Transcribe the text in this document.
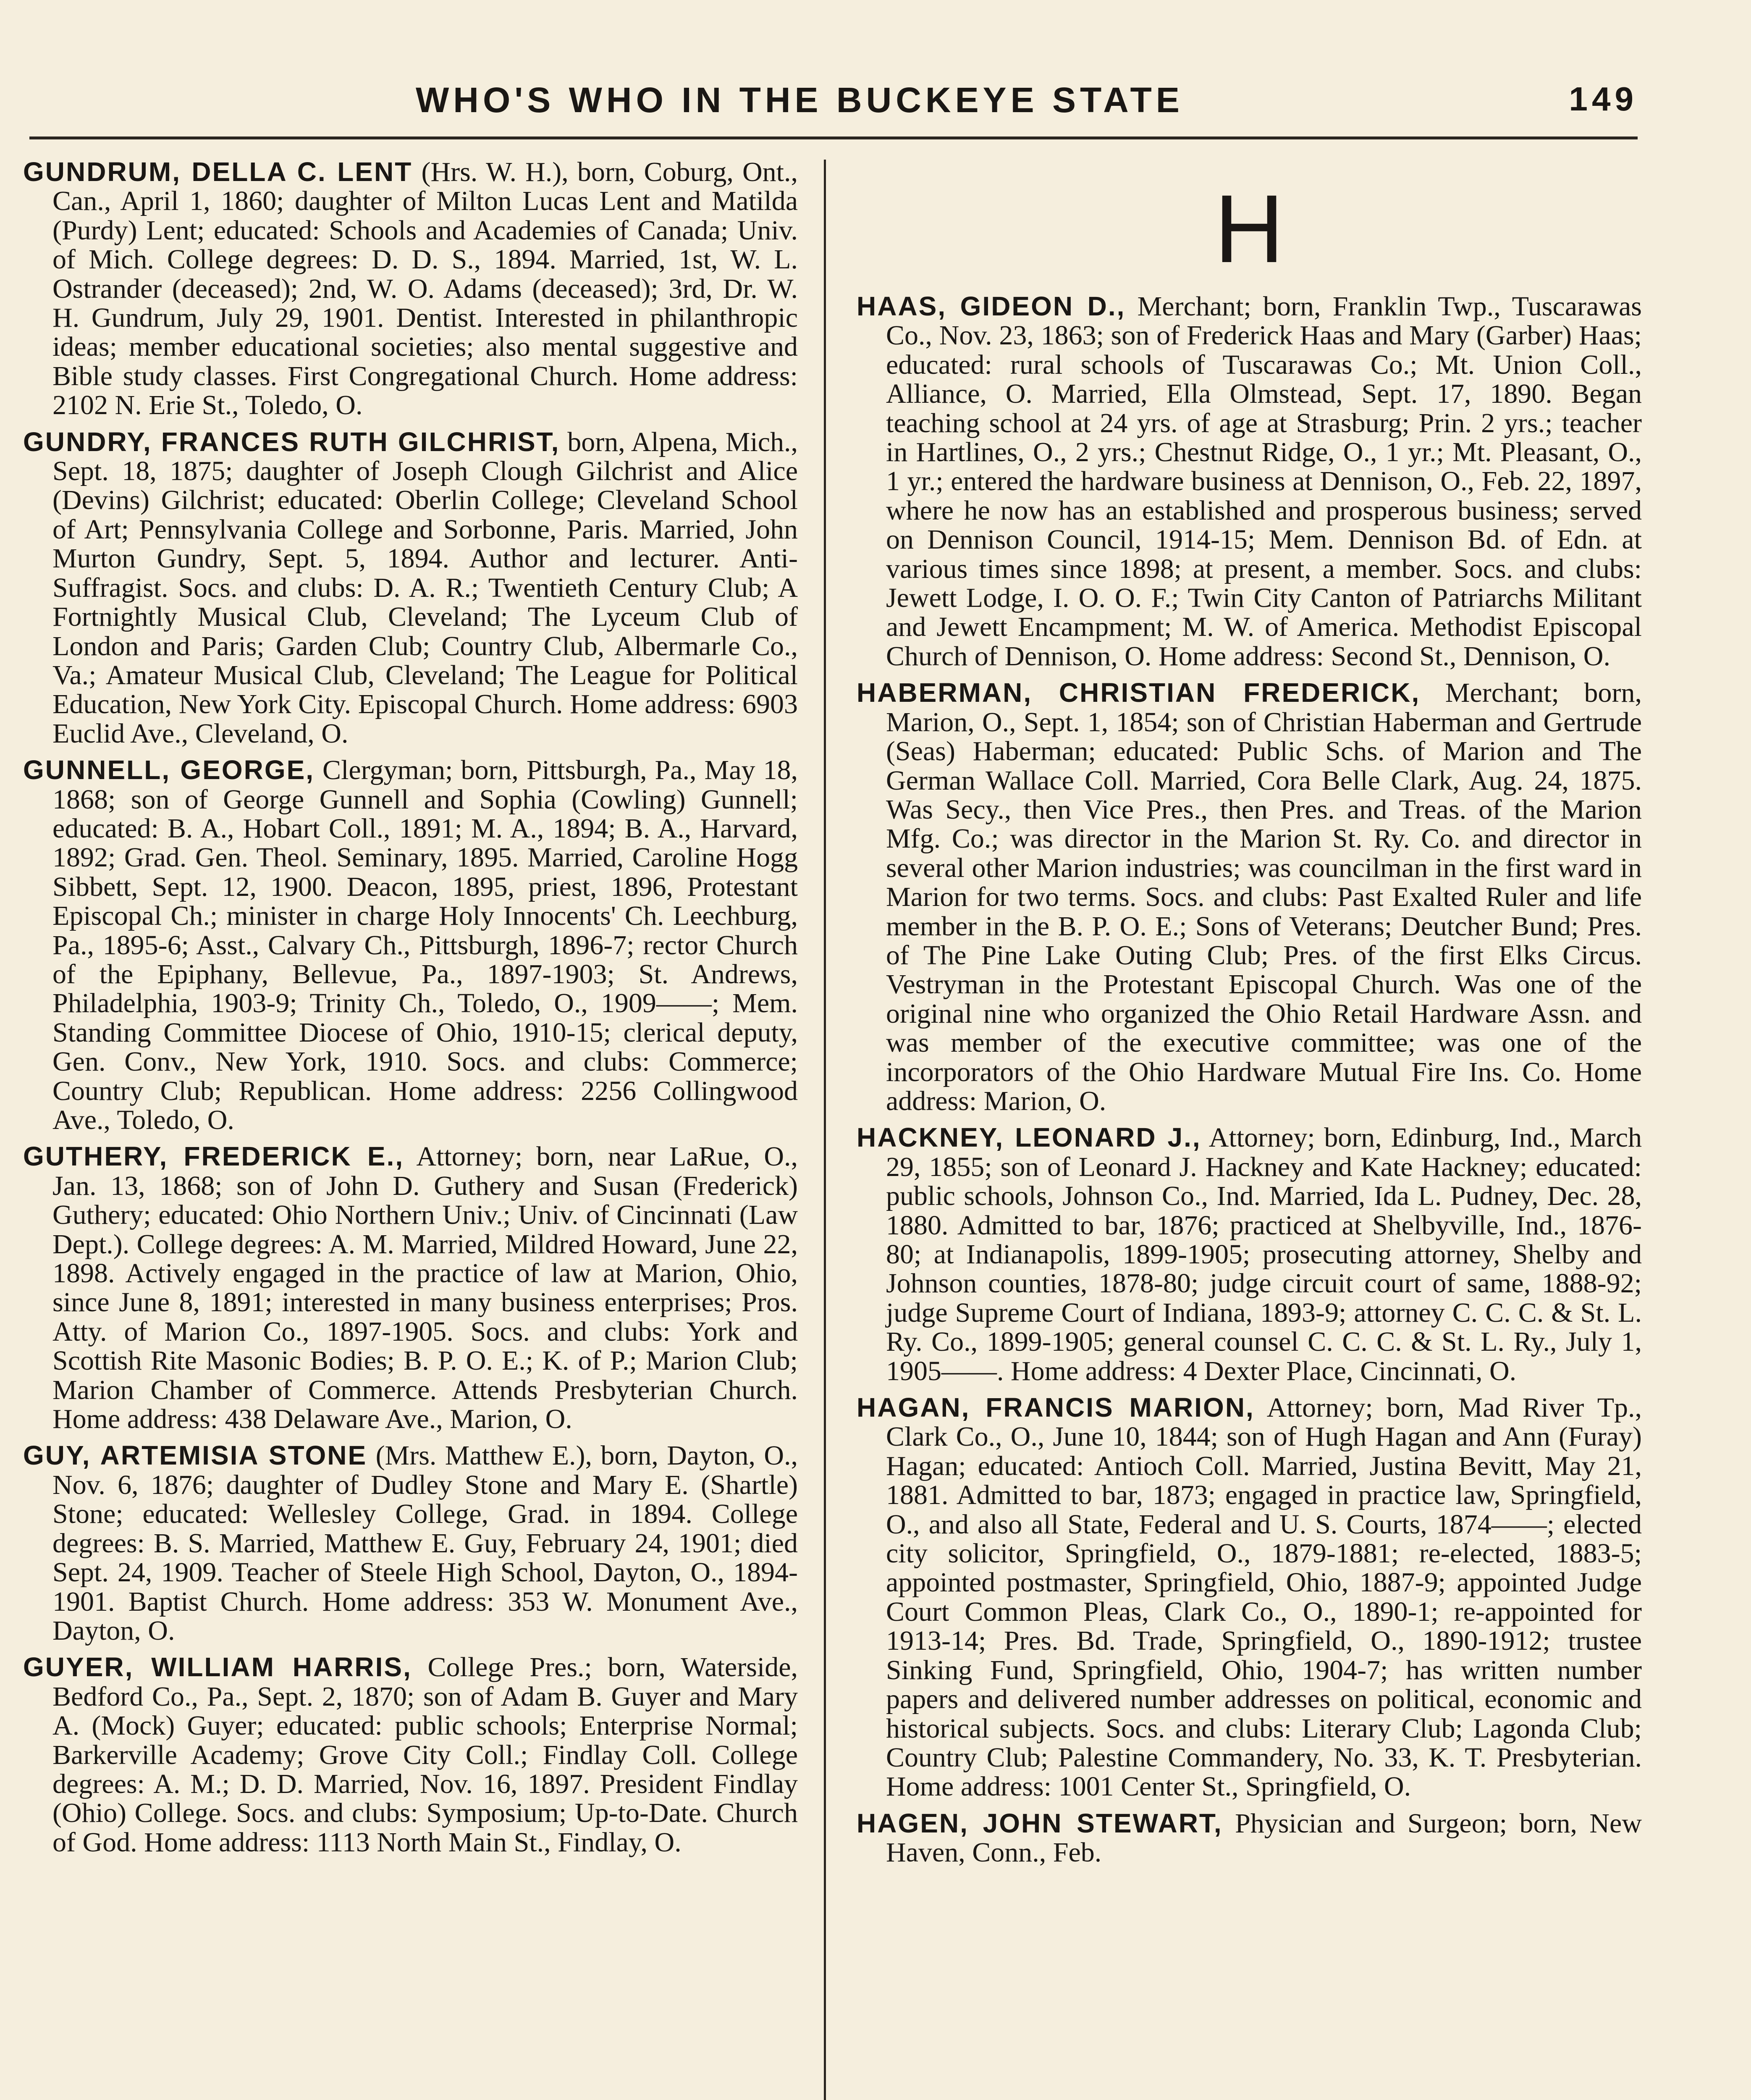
WHO'S WHO IN THE BUCKEYE STATE	149

GUNDRUM, DELLA C. LENT (Hrs. W. H.), born, Coburg, Ont., Can., April 1, 1860; daughter of Milton Lucas Lent and Matilda (Purdy) Lent; educated: Schools and Academies of Canada; Univ. of Mich. College degrees: D. D. S., 1894. Married, 1st, W. L. Ostrander (deceased); 2nd, W. O. Adams (deceased); 3rd, Dr. W. H. Gundrum, July 29, 1901. Dentist. Interested in philanthropic ideas; member educational societies; also mental suggestive and Bible study classes. First Congregational Church. Home address: 2102 N. Erie St., Toledo, O.

GUNDRY, FRANCES RUTH GILCHRIST, born, Alpena, Mich., Sept. 18, 1875; daughter of Joseph Clough Gilchrist and Alice (Devins) Gilchrist; educated: Oberlin College; Cleveland School of Art; Pennsylvania College and Sorbonne, Paris. Married, John Murton Gundry, Sept. 5, 1894. Author and lecturer. Anti-Suffragist. Socs. and clubs: D. A. R.; Twentieth Century Club; A Fortnightly Musical Club, Cleveland; The Lyceum Club of London and Paris; Garden Club; Country Club, Albermarle Co., Va.; Amateur Musical Club, Cleveland; The League for Political Education, New York City. Episcopal Church. Home address: 6903 Euclid Ave., Cleveland, O.

GUNNELL, GEORGE, Clergyman; born, Pittsburgh, Pa., May 18, 1868; son of George Gunnell and Sophia (Cowling) Gunnell; educated: B. A., Hobart Coll., 1891; M. A., 1894; B. A., Harvard, 1892; Grad. Gen. Theol. Seminary, 1895. Married, Caroline Hogg Sibbett, Sept. 12, 1900. Deacon, 1895, priest, 1896, Protestant Episcopal Ch.; minister in charge Holy Innocents' Ch. Leechburg, Pa., 1895-6; Asst., Calvary Ch., Pittsburgh, 1896-7; rector Church of the Epiphany, Bellevue, Pa., 1897-1903; St. Andrews, Philadelphia, 1903-9; Trinity Ch., Toledo, O., 1909——; Mem. Standing Committee Diocese of Ohio, 1910-15; clerical deputy, Gen. Conv., New York, 1910. Socs. and clubs: Commerce; Country Club; Republican. Home address: 2256 Collingwood Ave., Toledo, O.

GUTHERY, FREDERICK E., Attorney; born, near LaRue, O., Jan. 13, 1868; son of John D. Guthery and Susan (Frederick) Guthery; educated: Ohio Northern Univ.; Univ. of Cincinnati (Law Dept.). College degrees: A. M. Married, Mildred Howard, June 22, 1898. Actively engaged in the practice of law at Marion, Ohio, since June 8, 1891; interested in many business enterprises; Pros. Atty. of Marion Co., 1897-1905. Socs. and clubs: York and Scottish Rite Masonic Bodies; B. P. O. E.; K. of P.; Marion Club; Marion Chamber of Commerce. Attends Presbyterian Church. Home address: 438 Delaware Ave., Marion, O.

GUY, ARTEMISIA STONE (Mrs. Matthew E.), born, Dayton, O., Nov. 6, 1876; daughter of Dudley Stone and Mary E. (Shartle) Stone; educated: Wellesley College, Grad. in 1894. College degrees: B. S. Married, Matthew E. Guy, February 24, 1901; died Sept. 24, 1909. Teacher of Steele High School, Dayton, O., 1894-1901. Baptist Church. Home address: 353 W. Monument Ave., Dayton, O.

GUYER, WILLIAM HARRIS, College Pres.; born, Waterside, Bedford Co., Pa., Sept. 2, 1870; son of Adam B. Guyer and Mary A. (Mock) Guyer; educated: public schools; Enterprise Normal; Barkerville Academy; Grove City Coll.; Findlay Coll. College degrees: A. M.; D. D. Married, Nov. 16, 1897. President Findlay (Ohio) College. Socs. and clubs: Symposium; Up-to-Date. Church of God. Home address: 1113 North Main St., Findlay, O.

H

HAAS, GIDEON D., Merchant; born, Franklin Twp., Tuscarawas Co., Nov. 23, 1863; son of Frederick Haas and Mary (Garber) Haas; educated: rural schools of Tuscarawas Co.; Mt. Union Coll., Alliance, O. Married, Ella Olmstead, Sept. 17, 1890. Began teaching school at 24 yrs. of age at Strasburg; Prin. 2 yrs.; teacher in Hartlines, O., 2 yrs.; Chestnut Ridge, O., 1 yr.; Mt. Pleasant, O., 1 yr.; entered the hardware business at Dennison, O., Feb. 22, 1897, where he now has an established and prosperous business; served on Dennison Council, 1914-15; Mem. Dennison Bd. of Edn. at various times since 1898; at present, a member. Socs. and clubs: Jewett Lodge, I. O. O. F.; Twin City Canton of Patriarchs Militant and Jewett Encampment; M. W. of America. Methodist Episcopal Church of Dennison, O. Home address: Second St., Dennison, O.

HABERMAN, CHRISTIAN FREDERICK, Merchant; born, Marion, O., Sept. 1, 1854; son of Christian Haberman and Gertrude (Seas) Haberman; educated: Public Schs. of Marion and The German Wallace Coll. Married, Cora Belle Clark, Aug. 24, 1875. Was Secy., then Vice Pres., then Pres. and Treas. of the Marion Mfg. Co.; was director in the Marion St. Ry. Co. and director in several other Marion industries; was councilman in the first ward in Marion for two terms. Socs. and clubs: Past Exalted Ruler and life member in the B. P. O. E.; Sons of Veterans; Deutcher Bund; Pres. of The Pine Lake Outing Club; Pres. of the first Elks Circus. Vestryman in the Protestant Episcopal Church. Was one of the original nine who organized the Ohio Retail Hardware Assn. and was member of the executive committee; was one of the incorporators of the Ohio Hardware Mutual Fire Ins. Co. Home address: Marion, O.

HACKNEY, LEONARD J., Attorney; born, Edinburg, Ind., March 29, 1855; son of Leonard J. Hackney and Kate Hackney; educated: public schools, Johnson Co., Ind. Married, Ida L. Pudney, Dec. 28, 1880. Admitted to bar, 1876; practiced at Shelbyville, Ind., 1876-80; at Indianapolis, 1899-1905; prosecuting attorney, Shelby and Johnson counties, 1878-80; judge circuit court of same, 1888-92; judge Supreme Court of Indiana, 1893-9; attorney C. C. C. & St. L. Ry. Co., 1899-1905; general counsel C. C. C. & St. L. Ry., July 1, 1905——. Home address: 4 Dexter Place, Cincinnati, O.

HAGAN, FRANCIS MARION, Attorney; born, Mad River Tp., Clark Co., O., June 10, 1844; son of Hugh Hagan and Ann (Furay) Hagan; educated: Antioch Coll. Married, Justina Bevitt, May 21, 1881. Admitted to bar, 1873; engaged in practice law, Springfield, O., and also all State, Federal and U. S. Courts, 1874——; elected city solicitor, Springfield, O., 1879-1881; re-elected, 1883-5; appointed postmaster, Springfield, Ohio, 1887-9; appointed Judge Court Common Pleas, Clark Co., O., 1890-1; re-appointed for 1913-14; Pres. Bd. Trade, Springfield, O., 1890-1912; trustee Sinking Fund, Springfield, Ohio, 1904-7; has written number papers and delivered number addresses on political, economic and historical subjects. Socs. and clubs: Literary Club; Lagonda Club; Country Club; Palestine Commandery, No. 33, K. T. Presbyterian. Home address: 1001 Center St., Springfield, O.

HAGEN, JOHN STEWART, Physician and Surgeon; born, New Haven, Conn., Feb.
